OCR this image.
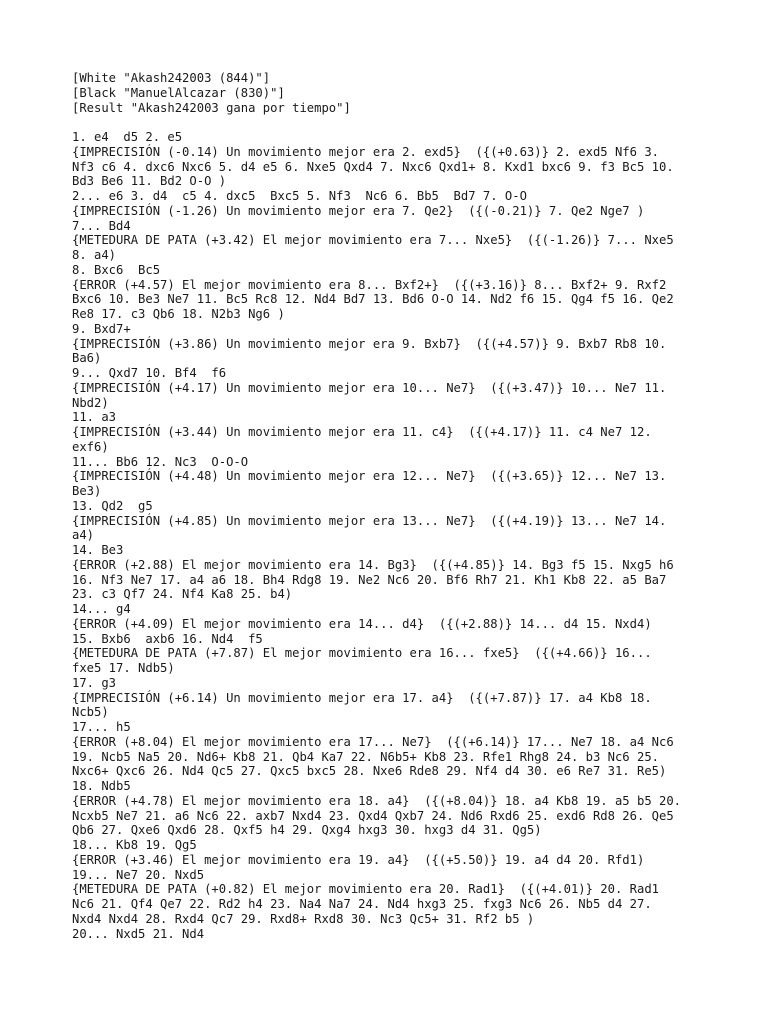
[White "Akash242003 (844)"]
[Black "ManuelAlcazar (830)"]
[Result "Akash242003 gana por tiempo"]
1. e4  d5 2. e5
{IMPRECISIÓN (-0.14) Un movimiento mejor era 2. exd5}  ({(+0.63)} 2. exd5 Nf6 3.
Nf3 c6 4. dxc6 Nxc6 5. d4 e5 6. Nxe5 Qxd4 7. Nxc6 Qxd1+ 8. Kxd1 bxc6 9. f3 Bc5 10.
Bd3 Be6 11. Bd2 O-O )
2... e6 3. d4  c5 4. dxc5  Bxc5 5. Nf3  Nc6 6. Bb5  Bd7 7. O-O
{IMPRECISIÓN (-1.26) Un movimiento mejor era 7. Qe2}  ({(-0.21)} 7. Qe2 Nge7 )
7... Bd4
{METEDURA DE PATA (+3.42) El mejor movimiento era 7... Nxe5}  ({(-1.26)} 7... Nxe5
8. a4)
8. Bxc6  Bc5
{ERROR (+4.57) El mejor movimiento era 8... Bxf2+}  ({(+3.16)} 8... Bxf2+ 9. Rxf2
Bxc6 10. Be3 Ne7 11. Bc5 Rc8 12. Nd4 Bd7 13. Bd6 O-O 14. Nd2 f6 15. Qg4 f5 16. Qe2
Re8 17. c3 Qb6 18. N2b3 Ng6 )
9. Bxd7+
{IMPRECISIÓN (+3.86) Un movimiento mejor era 9. Bxb7}  ({(+4.57)} 9. Bxb7 Rb8 10.
Ba6)
9... Qxd7 10. Bf4  f6
{IMPRECISIÓN (+4.17) Un movimiento mejor era 10... Ne7}  ({(+3.47)} 10... Ne7 11.
Nbd2)
11. a3
{IMPRECISIÓN (+3.44) Un movimiento mejor era 11. c4}  ({(+4.17)} 11. c4 Ne7 12.
exf6)
11... Bb6 12. Nc3  O-O-O
{IMPRECISIÓN (+4.48) Un movimiento mejor era 12... Ne7}  ({(+3.65)} 12... Ne7 13.
Be3)
13. Qd2  g5
{IMPRECISIÓN (+4.85) Un movimiento mejor era 13... Ne7}  ({(+4.19)} 13... Ne7 14.
a4)
14. Be3
{ERROR (+2.88) El mejor movimiento era 14. Bg3}  ({(+4.85)} 14. Bg3 f5 15. Nxg5 h6
16. Nf3 Ne7 17. a4 a6 18. Bh4 Rdg8 19. Ne2 Nc6 20. Bf6 Rh7 21. Kh1 Kb8 22. a5 Ba7
23. c3 Qf7 24. Nf4 Ka8 25. b4)
14... g4
{ERROR (+4.09) El mejor movimiento era 14... d4}  ({(+2.88)} 14... d4 15. Nxd4)
15. Bxb6  axb6 16. Nd4  f5
{METEDURA DE PATA (+7.87) El mejor movimiento era 16... fxe5}  ({(+4.66)} 16...
fxe5 17. Ndb5)
17. g3
{IMPRECISIÓN (+6.14) Un movimiento mejor era 17. a4}  ({(+7.87)} 17. a4 Kb8 18.
Ncb5)
17... h5
{ERROR (+8.04) El mejor movimiento era 17... Ne7}  ({(+6.14)} 17... Ne7 18. a4 Nc6
19. Ncb5 Na5 20. Nd6+ Kb8 21. Qb4 Ka7 22. N6b5+ Kb8 23. Rfe1 Rhg8 24. b3 Nc6 25.
Nxc6+ Qxc6 26. Nd4 Qc5 27. Qxc5 bxc5 28. Nxe6 Rde8 29. Nf4 d4 30. e6 Re7 31. Re5)
18. Ndb5
{ERROR (+4.78) El mejor movimiento era 18. a4}  ({(+8.04)} 18. a4 Kb8 19. a5 b5 20.
Ncxb5 Ne7 21. a6 Nc6 22. axb7 Nxd4 23. Qxd4 Qxb7 24. Nd6 Rxd6 25. exd6 Rd8 26. Qe5
Qb6 27. Qxe6 Qxd6 28. Qxf5 h4 29. Qxg4 hxg3 30. hxg3 d4 31. Qg5)
18... Kb8 19. Qg5
{ERROR (+3.46) El mejor movimiento era 19. a4}  ({(+5.50)} 19. a4 d4 20. Rfd1)
19... Ne7 20. Nxd5
{METEDURA DE PATA (+0.82) El mejor movimiento era 20. Rad1}  ({(+4.01)} 20. Rad1
Nc6 21. Qf4 Qe7 22. Rd2 h4 23. Na4 Na7 24. Nd4 hxg3 25. fxg3 Nc6 26. Nb5 d4 27.
Nxd4 Nxd4 28. Rxd4 Qc7 29. Rxd8+ Rxd8 30. Nc3 Qc5+ 31. Rf2 b5 )
20... Nxd5 21. Nd4
